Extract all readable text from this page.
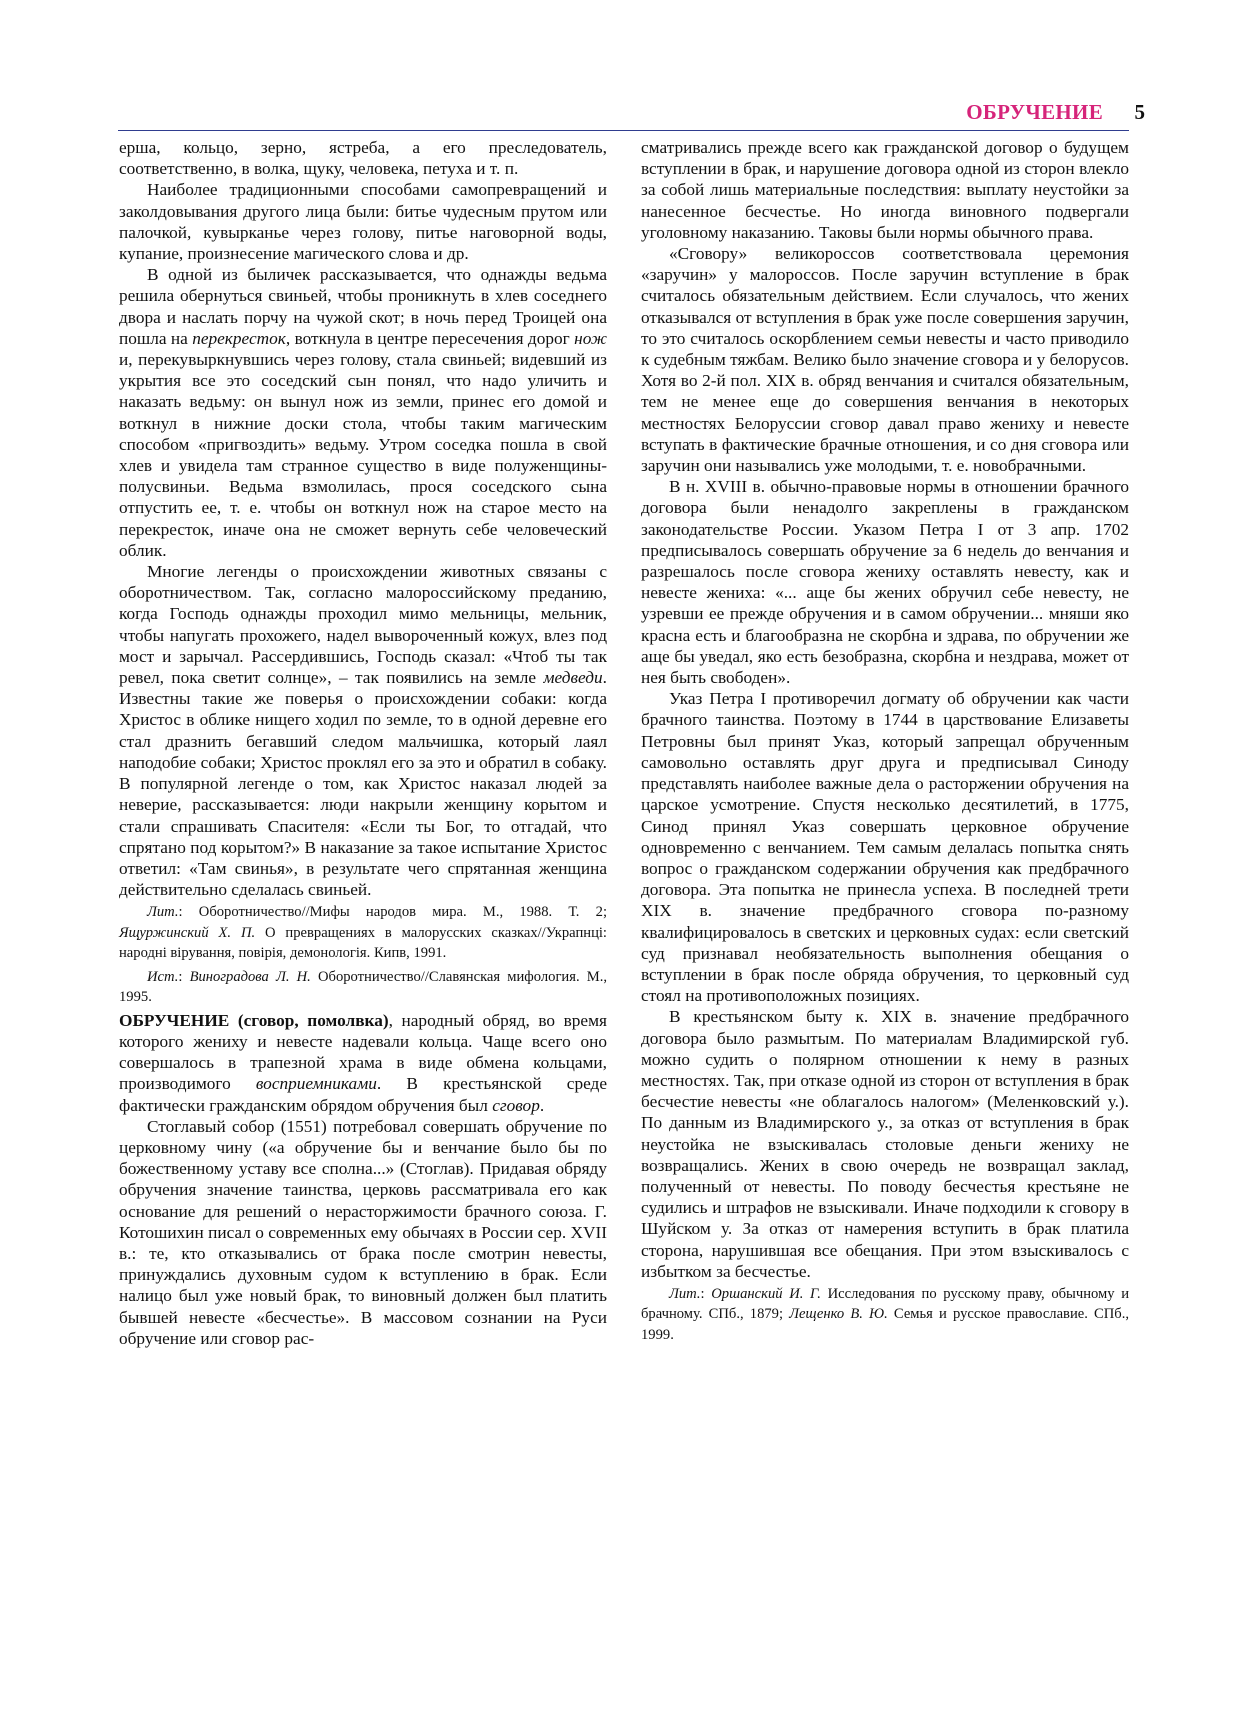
ОБРУЧЕНИЕ 5

ерша, кольцо, зерно, ястреба, а его преследователь, соответственно, в волка, щуку, человека, петуха и т. п.

Наиболее традиционными способами самопревращений и заколдовывания другого лица были: битье чудесным прутом или палочкой, кувырканье через голову, питье наговорной воды, купание, произнесение магического слова и др.

В одной из быличек рассказывается, что однажды ведьма решила обернуться свиньей, чтобы проникнуть в хлев соседнего двора и наслать порчу на чужой скот; в ночь перед Троицей она пошла на перекресток, воткнула в центре пересечения дорог нож и, перекувыркнувшись через голову, стала свиньей; видевший из укрытия все это соседский сын понял, что надо уличить и наказать ведьму: он вынул нож из земли, принес его домой и воткнул в нижние доски стола, чтобы таким магическим способом «пригвоздить» ведьму. Утром соседка пошла в свой хлев и увидела там странное существо в виде полуженщины-полусвиньи. Ведьма взмолилась, прося соседского сына отпустить ее, т. е. чтобы он воткнул нож на старое место на перекресток, иначе она не сможет вернуть себе человеческий облик.

Многие легенды о происхождении животных связаны с оборотничеством. Так, согласно малороссийскому преданию, когда Господь однажды проходил мимо мельницы, мельник, чтобы напугать прохожего, надел вывороченный кожух, влез под мост и зарычал. Рассердившись, Господь сказал: «Чтоб ты так ревел, пока светит солнце», – так появились на земле медведи. Известны такие же поверья о происхождении собаки: когда Христос в облике нищего ходил по земле, то в одной деревне его стал дразнить бегавший следом мальчишка, который лаял наподобие собаки; Христос проклял его за это и обратил в собаку. В популярной легенде о том, как Христос наказал людей за неверие, рассказывается: люди накрыли женщину корытом и стали спрашивать Спасителя: «Если ты Бог, то отгадай, что спрятано под корытом?» В наказание за такое испытание Христос ответил: «Там свинья», в результате чего спрятанная женщина действительно сделалась свиньей.

Лит.: Оборотничество//Мифы народов мира. М., 1988. Т. 2; Ящуржинский Х. П. О превращениях в малорусских сказках//Украпнцi: народнi вiрування, повiрiя, демонологiя. Кипв, 1991.

Ист.: Виноградова Л. Н. Оборотничество//Славянская мифология. М., 1995.

ОБРУЧЕНИЕ (сговор, помолвка), народный обряд, во время которого жениху и невесте надевали кольца. Чаще всего оно совершалось в трапезной храма в виде обмена кольцами, производимого восприемниками. В крестьянской среде фактически гражданским обрядом обручения был сговор.

Стоглавый собор (1551) потребовал совершать обручение по церковному чину («а обручение бы и венчание было бы по божественному уставу все сполна...» (Стоглав). Придавая обряду обручения значение таинства, церковь рассматривала его как основание для решений о нерасторжимости брачного союза. Г. Котошихин писал о современных ему обычаях в России сер. XVII в.: те, кто отказывались от брака после смотрин невесты, принуждались духовным судом к вступлению в брак. Если налицо был уже новый брак, то виновный должен был платить бывшей невесте «бесчестье». В массовом сознании на Руси обручение или сговор рас-

сматривались прежде всего как гражданской договор о будущем вступлении в брак, и нарушение договора одной из сторон влекло за собой лишь материальные последствия: выплату неустойки за нанесенное бесчестье. Но иногда виновного подвергали уголовному наказанию. Таковы были нормы обычного права.

«Сговору» великороссов соответствовала церемония «заручин» у малороссов. После заручин вступление в брак считалось обязательным действием. Если случалось, что жених отказывался от вступления в брак уже после совершения заручин, то это считалось оскорблением семьи невесты и часто приводило к судебным тяжбам. Велико было значение сговора и у белорусов. Хотя во 2-й пол. XIX в. обряд венчания и считался обязательным, тем не менее еще до совершения венчания в некоторых местностях Белоруссии сговор давал право жениху и невесте вступать в фактические брачные отношения, и со дня сговора или заручин они назывались уже молодыми, т. е. новобрачными.

В н. XVIII в. обычно-правовые нормы в отношении брачного договора были ненадолго закреплены в гражданском законодательстве России. Указом Петра I от 3 апр. 1702 предписывалось совершать обручение за 6 недель до венчания и разрешалось после сговора жениху оставлять невесту, как и невесте жениха: «... аще бы жених обручил себе невесту, не узревши ее прежде обручения и в самом обручении... мняши яко красна есть и благообразна не скорбна и здрава, по обручении же аще бы уведал, яко есть безобразна, скорбна и нездрава, может от нея быть свободен».

Указ Петра I противоречил догмату об обручении как части брачного таинства. Поэтому в 1744 в царствование Елизаветы Петровны был принят Указ, который запрещал обрученным самовольно оставлять друг друга и предписывал Синоду представлять наиболее важные дела о расторжении обручения на царское усмотрение. Спустя несколько десятилетий, в 1775, Синод принял Указ совершать церковное обручение одновременно с венчанием. Тем самым делалась попытка снять вопрос о гражданском содержании обручения как предбрачного договора. Эта попытка не принесла успеха. В последней трети XIX в. значение предбрачного сговора по-разному квалифицировалось в светских и церковных судах: если светский суд признавал необязательность выполнения обещания о вступлении в брак после обряда обручения, то церковный суд стоял на противоположных позициях.

В крестьянском быту к. XIX в. значение предбрачного договора было размытым. По материалам Владимирской губ. можно судить о полярном отношении к нему в разных местностях. Так, при отказе одной из сторон от вступления в брак бесчестие невесты «не облагалось налогом» (Меленковский у.). По данным из Владимирского у., за отказ от вступления в брак неустойка не взыскивалась столовые деньги жениху не возвращались. Жених в свою очередь не возвращал заклад, полученный от невесты. По поводу бесчестья крестьяне не судились и штрафов не взыскивали. Иначе подходили к сговору в Шуйском у. За отказ от намерения вступить в брак платила сторона, нарушившая все обещания. При этом взыскивалось с избытком за бесчестье.

Лит.: Оршанский И. Г. Исследования по русскому праву, обычному и брачному. СПб., 1879; Лещенко В. Ю. Семья и русское православие. СПб., 1999.
